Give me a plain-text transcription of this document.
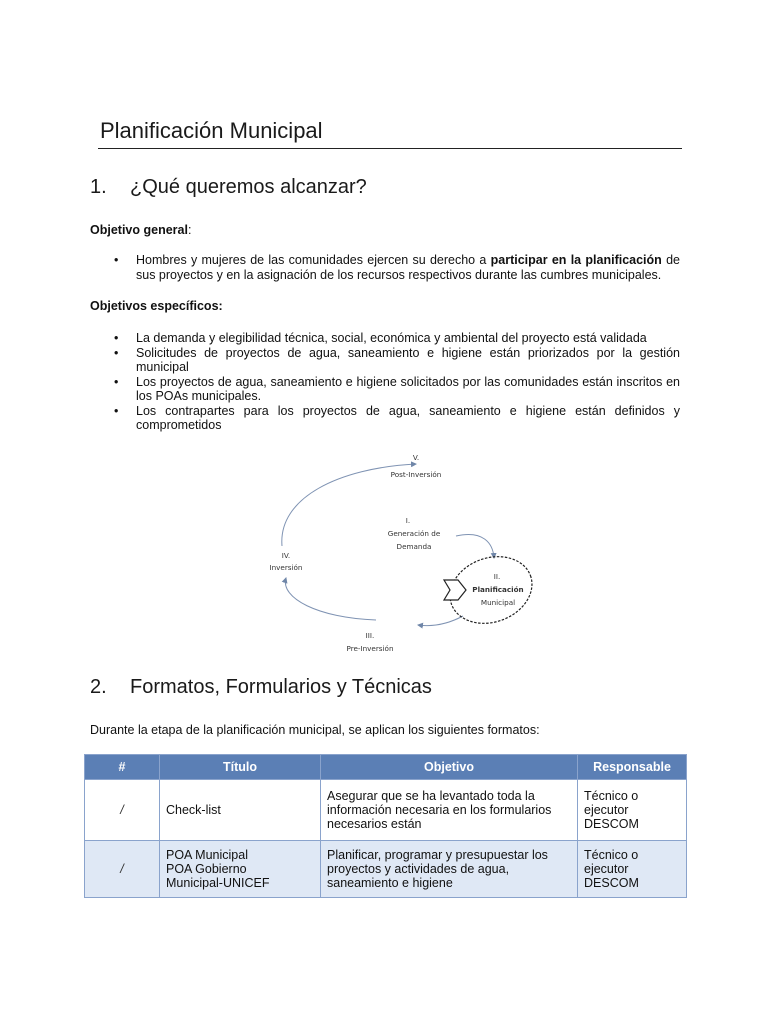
Planificación Municipal
1. ¿Qué queremos alcanzar?
Objetivo general:
• Hombres y mujeres de las comunidades ejercen su derecho a participar en la planificación de sus proyectos y en la asignación de los recursos respectivos durante las cumbres municipales.
Objetivos específicos:
• La demanda y elegibilidad técnica, social, económica y ambiental del proyecto está validada
• Solicitudes de proyectos de agua, saneamiento e higiene están priorizados por la gestión municipal
• Los proyectos de agua, saneamiento e higiene solicitados por las comunidades están inscritos en los POAs municipales.
• Los contrapartes para los proyectos de agua, saneamiento e higiene están definidos y comprometidos
V.
Post-Inversión
I.
Generación de
Demanda
IV.
Inversión
II.
Planificación
Municipal
III.
Pre-Inversión
2. Formatos, Formularios y Técnicas
Durante la etapa de la planificación municipal, se aplican los siguientes formatos:
#	Título	Objetivo	Responsable
/	Check-list	Asegurar que se ha levantado toda la información necesaria en los formularios necesarios están	Técnico o ejecutor DESCOM
/	POA Municipal
POA Gobierno
Municipal-UNICEF	Planificar, programar y presupuestar los proyectos y actividades de agua, saneamiento e higiene	Técnico o ejecutor DESCOM
